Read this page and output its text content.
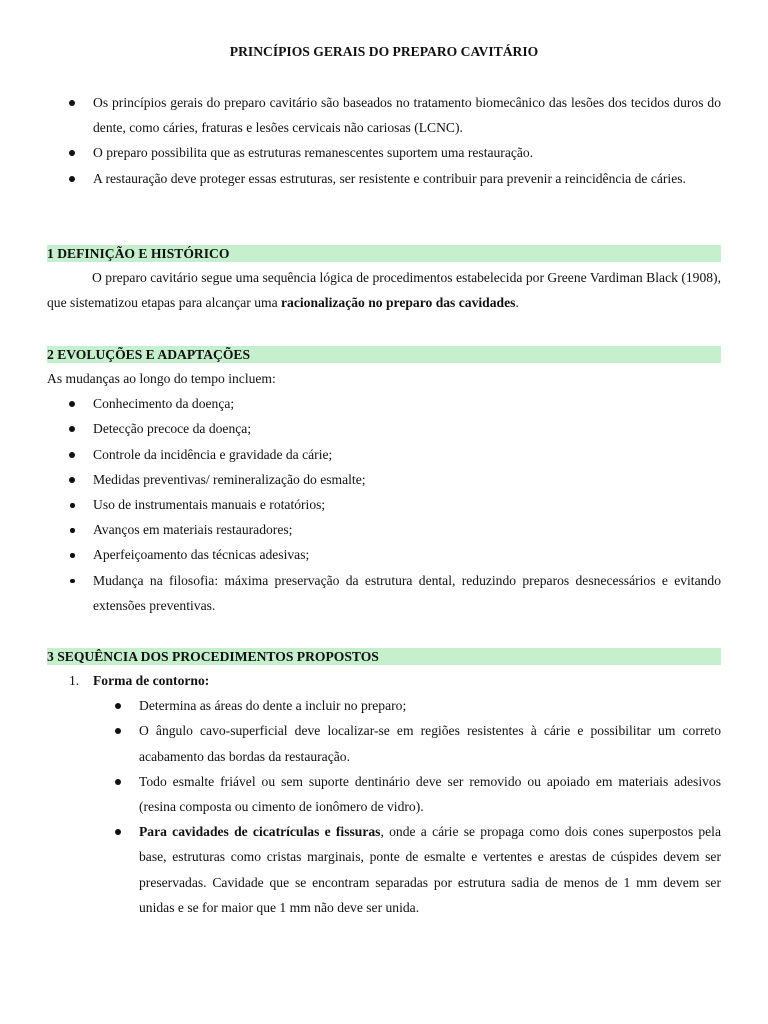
PRINCÍPIOS GERAIS DO PREPARO CAVITÁRIO
Os princípios gerais do preparo cavitário são baseados no tratamento biomecânico das lesões dos tecidos duros do dente, como cáries, fraturas e lesões cervicais não cariosas (LCNC).
O preparo possibilita que as estruturas remanescentes suportem uma restauração.
A restauração deve proteger essas estruturas, ser resistente e contribuir para prevenir a reincidência de cáries.
1 DEFINIÇÃO E HISTÓRICO

O preparo cavitário segue uma sequência lógica de procedimentos estabelecida por Greene Vardiman Black (1908), que sistematizou etapas para alcançar uma racionalização no preparo das cavidades.

2 EVOLUÇÕES E ADAPTAÇÕES

As mudanças ao longo do tempo incluem:

Conhecimento da doença;
Detecção precoce da doença;
Controle da incidência e gravidade da cárie;
Medidas preventivas/ remineralização do esmalte;
Uso de instrumentais manuais e rotatórios;
Avanços em materiais restauradores;
Aperfeiçoamento das técnicas adesivas;
Mudança na filosofia: máxima preservação da estrutura dental, reduzindo preparos desnecessários e evitando extensões preventivas.
3 SEQUÊNCIA DOS PROCEDIMENTOS PROPOSTOS
1. Forma de contorno:
Determina as áreas do dente a incluir no preparo;
O ângulo cavo-superficial deve localizar-se em regiões resistentes à cárie e possibilitar um correto acabamento das bordas da restauração.
Todo esmalte friável ou sem suporte dentinário deve ser removido ou apoiado em materiais adesivos (resina composta ou cimento de ionômero de vidro).
Para cavidades de cicatrículas e fissuras, onde a cárie se propaga como dois cones superpostos pela base, estruturas como cristas marginais, ponte de esmalte e vertentes e arestas de cúspides devem ser preservadas. Cavidade que se encontram separadas por estrutura sadia de menos de 1 mm devem ser unidas e se for maior que 1 mm não deve ser unida.
